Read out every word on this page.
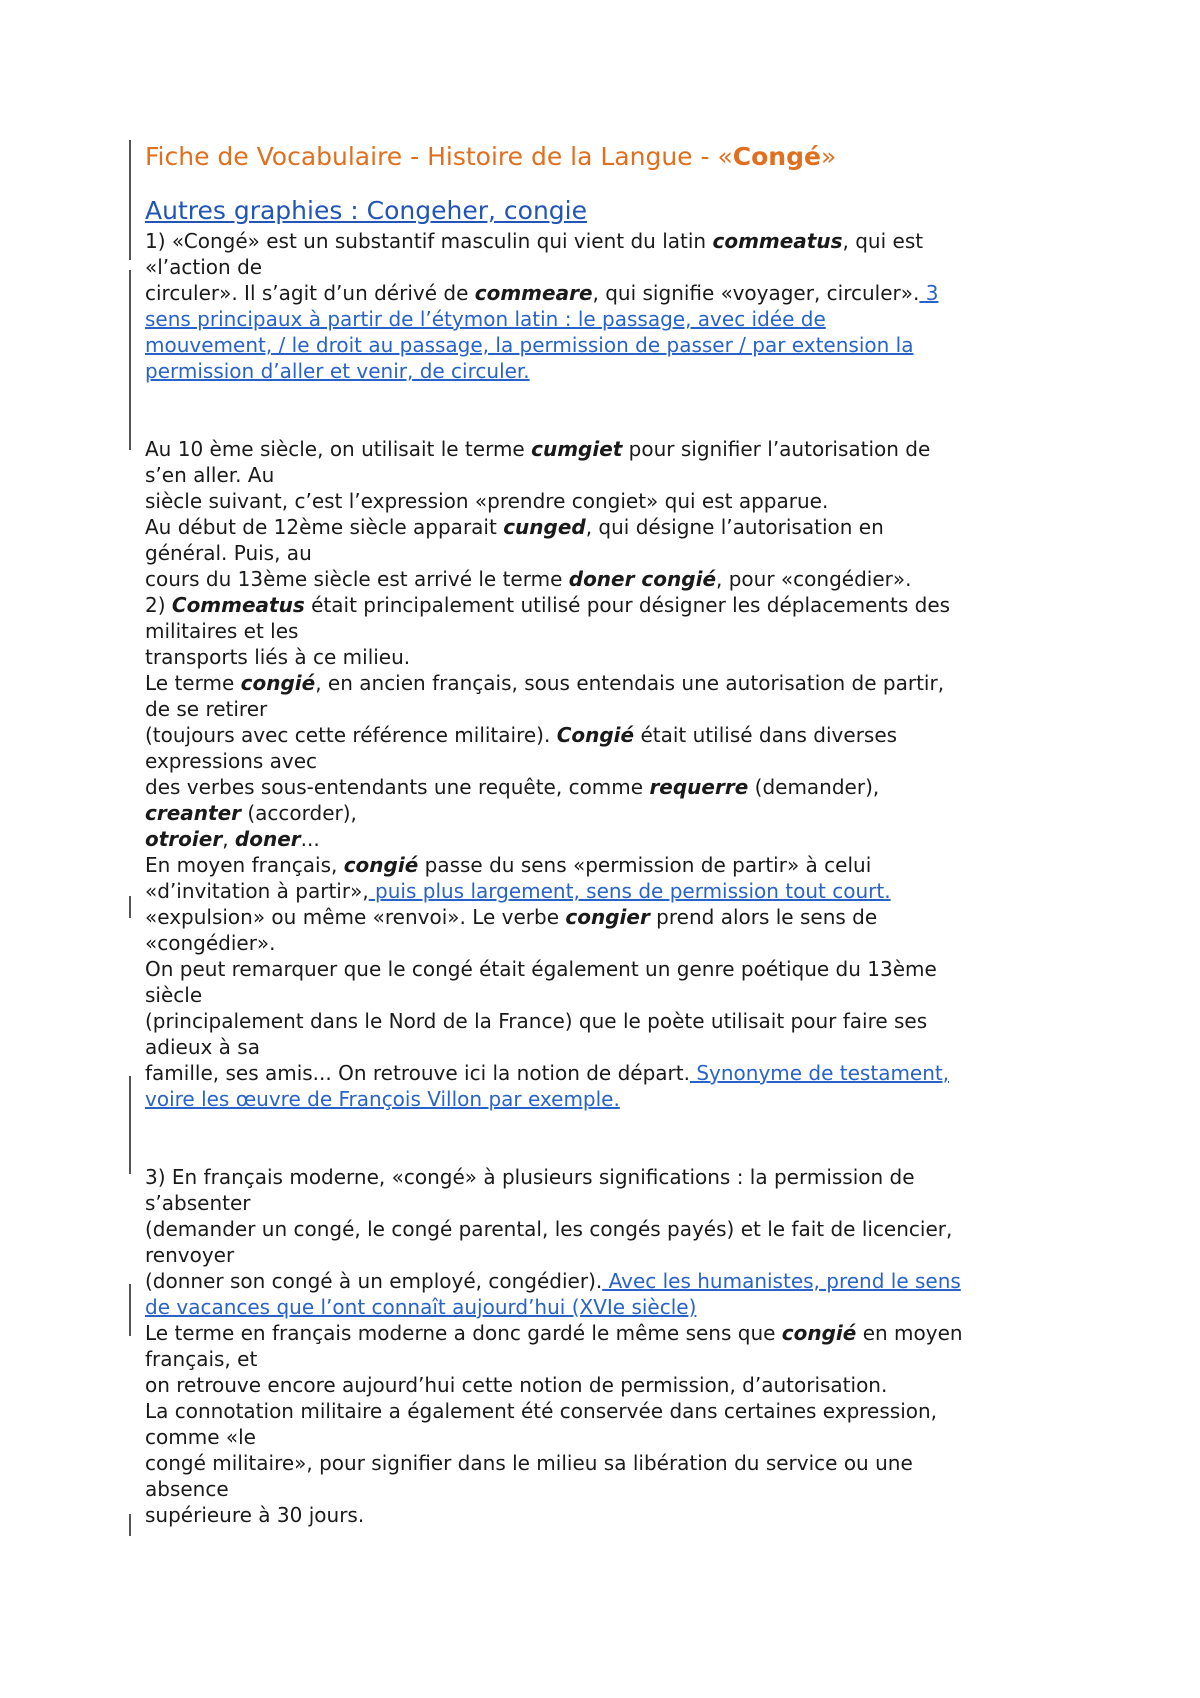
Fiche de Vocabulaire - Histoire de la Langue - «Congé»
Autres graphies : Congeher, congie
1) «Congé» est un substantif masculin qui vient du latin commeatus, qui est
«l’action de
circuler». Il s’agit d’un dérivé de commeare, qui signifie «voyager, circuler». 3
sens principaux à partir de l’étymon latin : le passage, avec idée de
mouvement, / le droit au passage, la permission de passer / par extension la
permission d’aller et venir, de circuler.
Au 10 ème siècle, on utilisait le terme cumgiet pour signifier l’autorisation de
s’en aller. Au
siècle suivant, c’est l’expression «prendre congiet» qui est apparue.
Au début de 12ème siècle apparait cunged, qui désigne l’autorisation en
général. Puis, au
cours du 13ème siècle est arrivé le terme doner congié, pour «congédier».
2) Commeatus était principalement utilisé pour désigner les déplacements des
militaires et les
transports liés à ce milieu.
Le terme congié, en ancien français, sous entendais une autorisation de partir,
de se retirer
(toujours avec cette référence militaire). Congié était utilisé dans diverses
expressions avec
des verbes sous-entendants une requête, comme requerre (demander),
creanter (accorder),
otroier, doner...
En moyen français, congié passe du sens «permission de partir» à celui
«d’invitation à partir», puis plus largement, sens de permission tout court.
«expulsion» ou même «renvoi». Le verbe congier prend alors le sens de
«congédier».
On peut remarquer que le congé était également un genre poétique du 13ème
siècle
(principalement dans le Nord de la France) que le poète utilisait pour faire ses
adieux à sa
famille, ses amis... On retrouve ici la notion de départ. Synonyme de testament,
voire les œuvre de François Villon par exemple.
3) En français moderne, «congé» à plusieurs significations : la permission de
s’absenter
(demander un congé, le congé parental, les congés payés) et le fait de licencier,
renvoyer
(donner son congé à un employé, congédier). Avec les humanistes, prend le sens
de vacances que l’ont connaît aujourd’hui (XVIe siècle)
Le terme en français moderne a donc gardé le même sens que congié en moyen
français, et
on retrouve encore aujourd’hui cette notion de permission, d’autorisation.
La connotation militaire a également été conservée dans certaines expression,
comme «le
congé militaire», pour signifier dans le milieu sa libération du service ou une
absence
supérieure à 30 jours.
